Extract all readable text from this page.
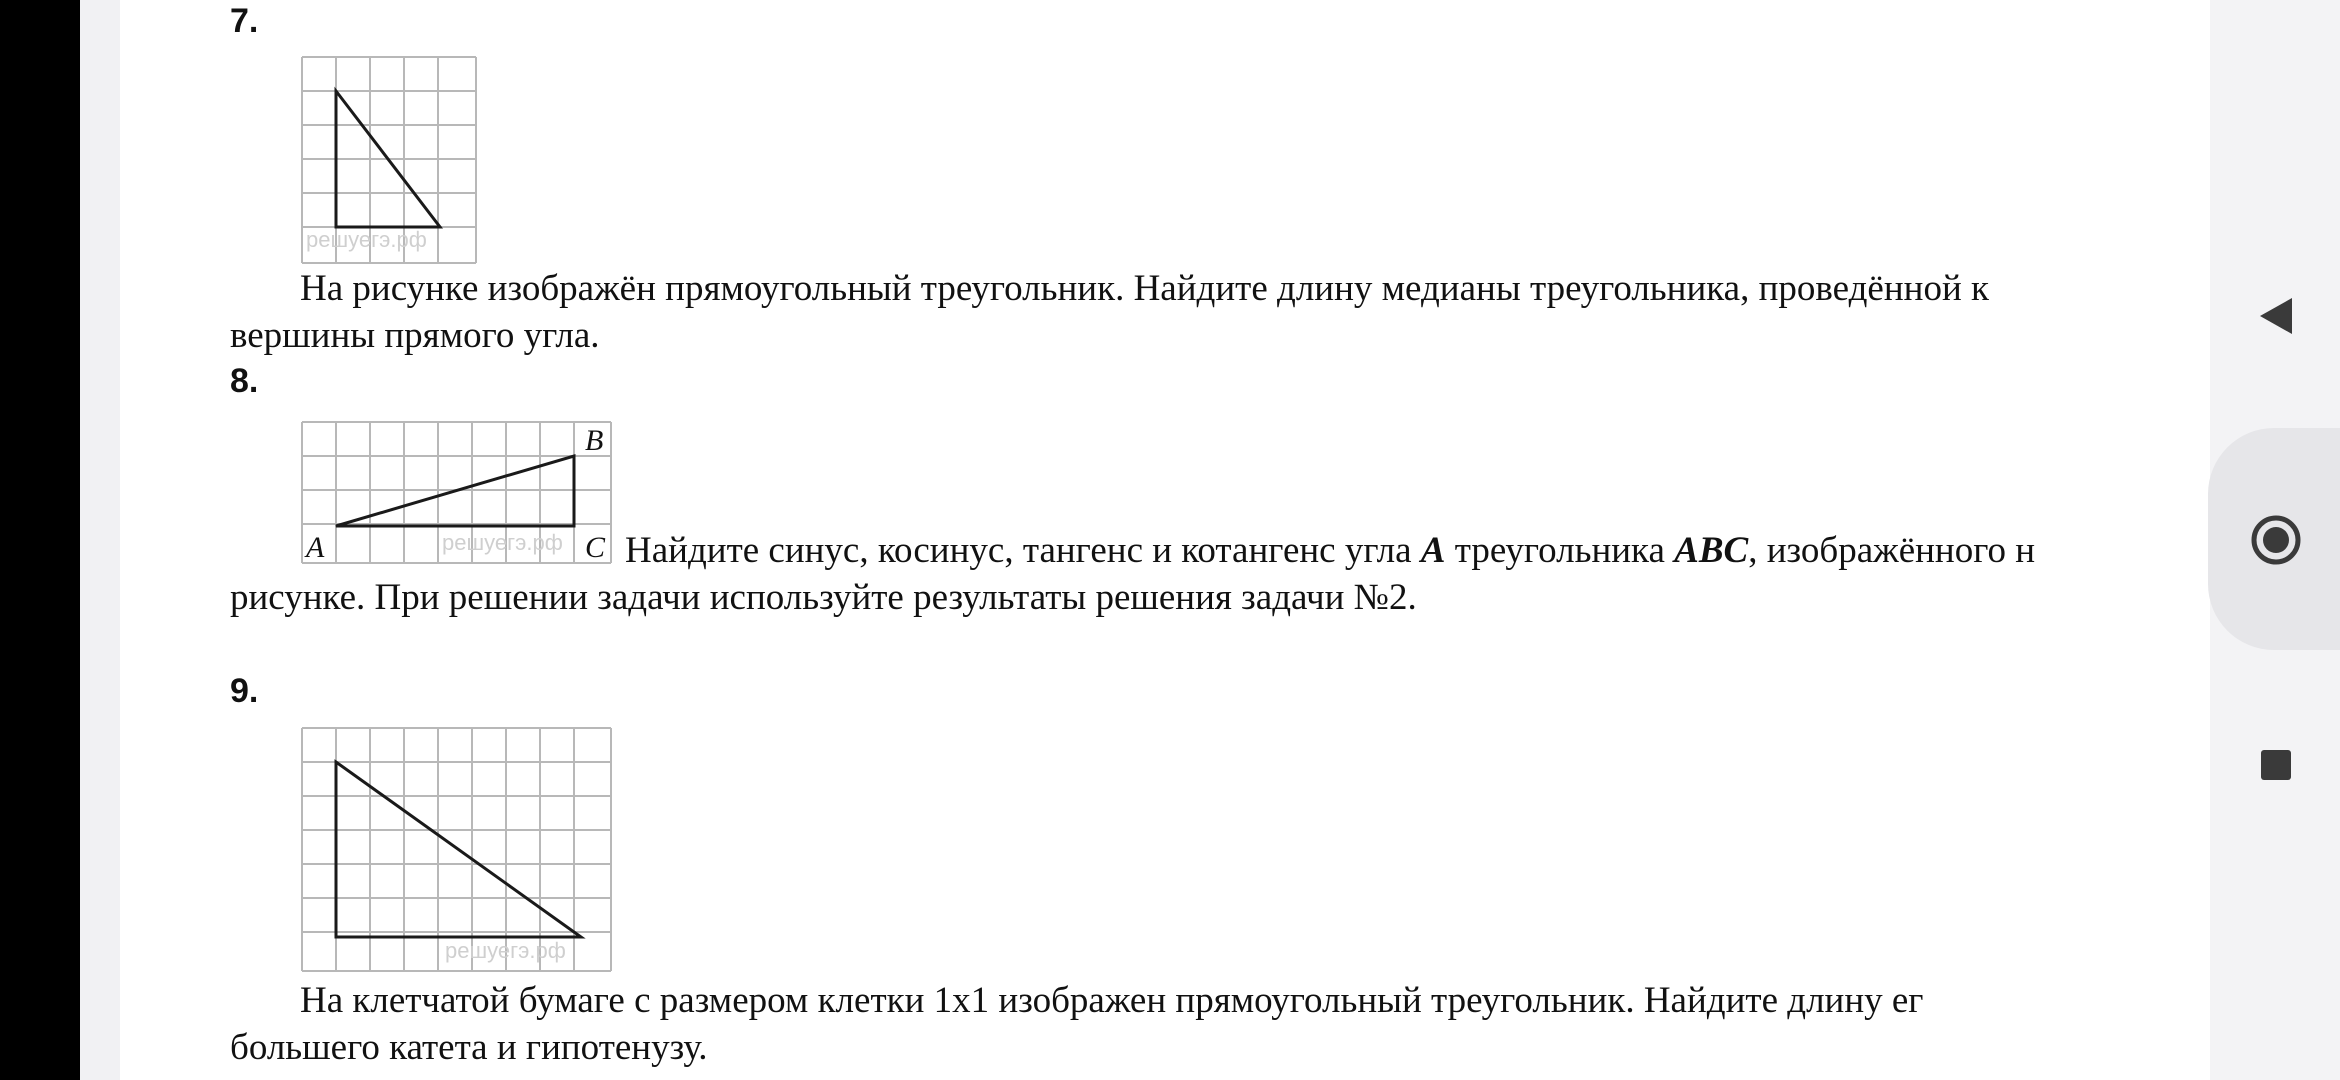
7.
решуегэ.рф

На рисунке изображён прямоугольный треугольник. Найдите длину медианы треугольника, проведённой к
вершины прямого угла.

8.
решуегэ.рф
A
B
C Найдите синус, косинус, тангенс и котангенс угла A треугольника ABC, изображённого н
рисунке. При решении задачи используйте результаты решения задачи №2.

9.
решуегэ.рф

На клетчатой бумаге с размером клетки 1x1 изображен прямоугольный треугольник. Найдите длину ег
большего катета и гипотенузу.
